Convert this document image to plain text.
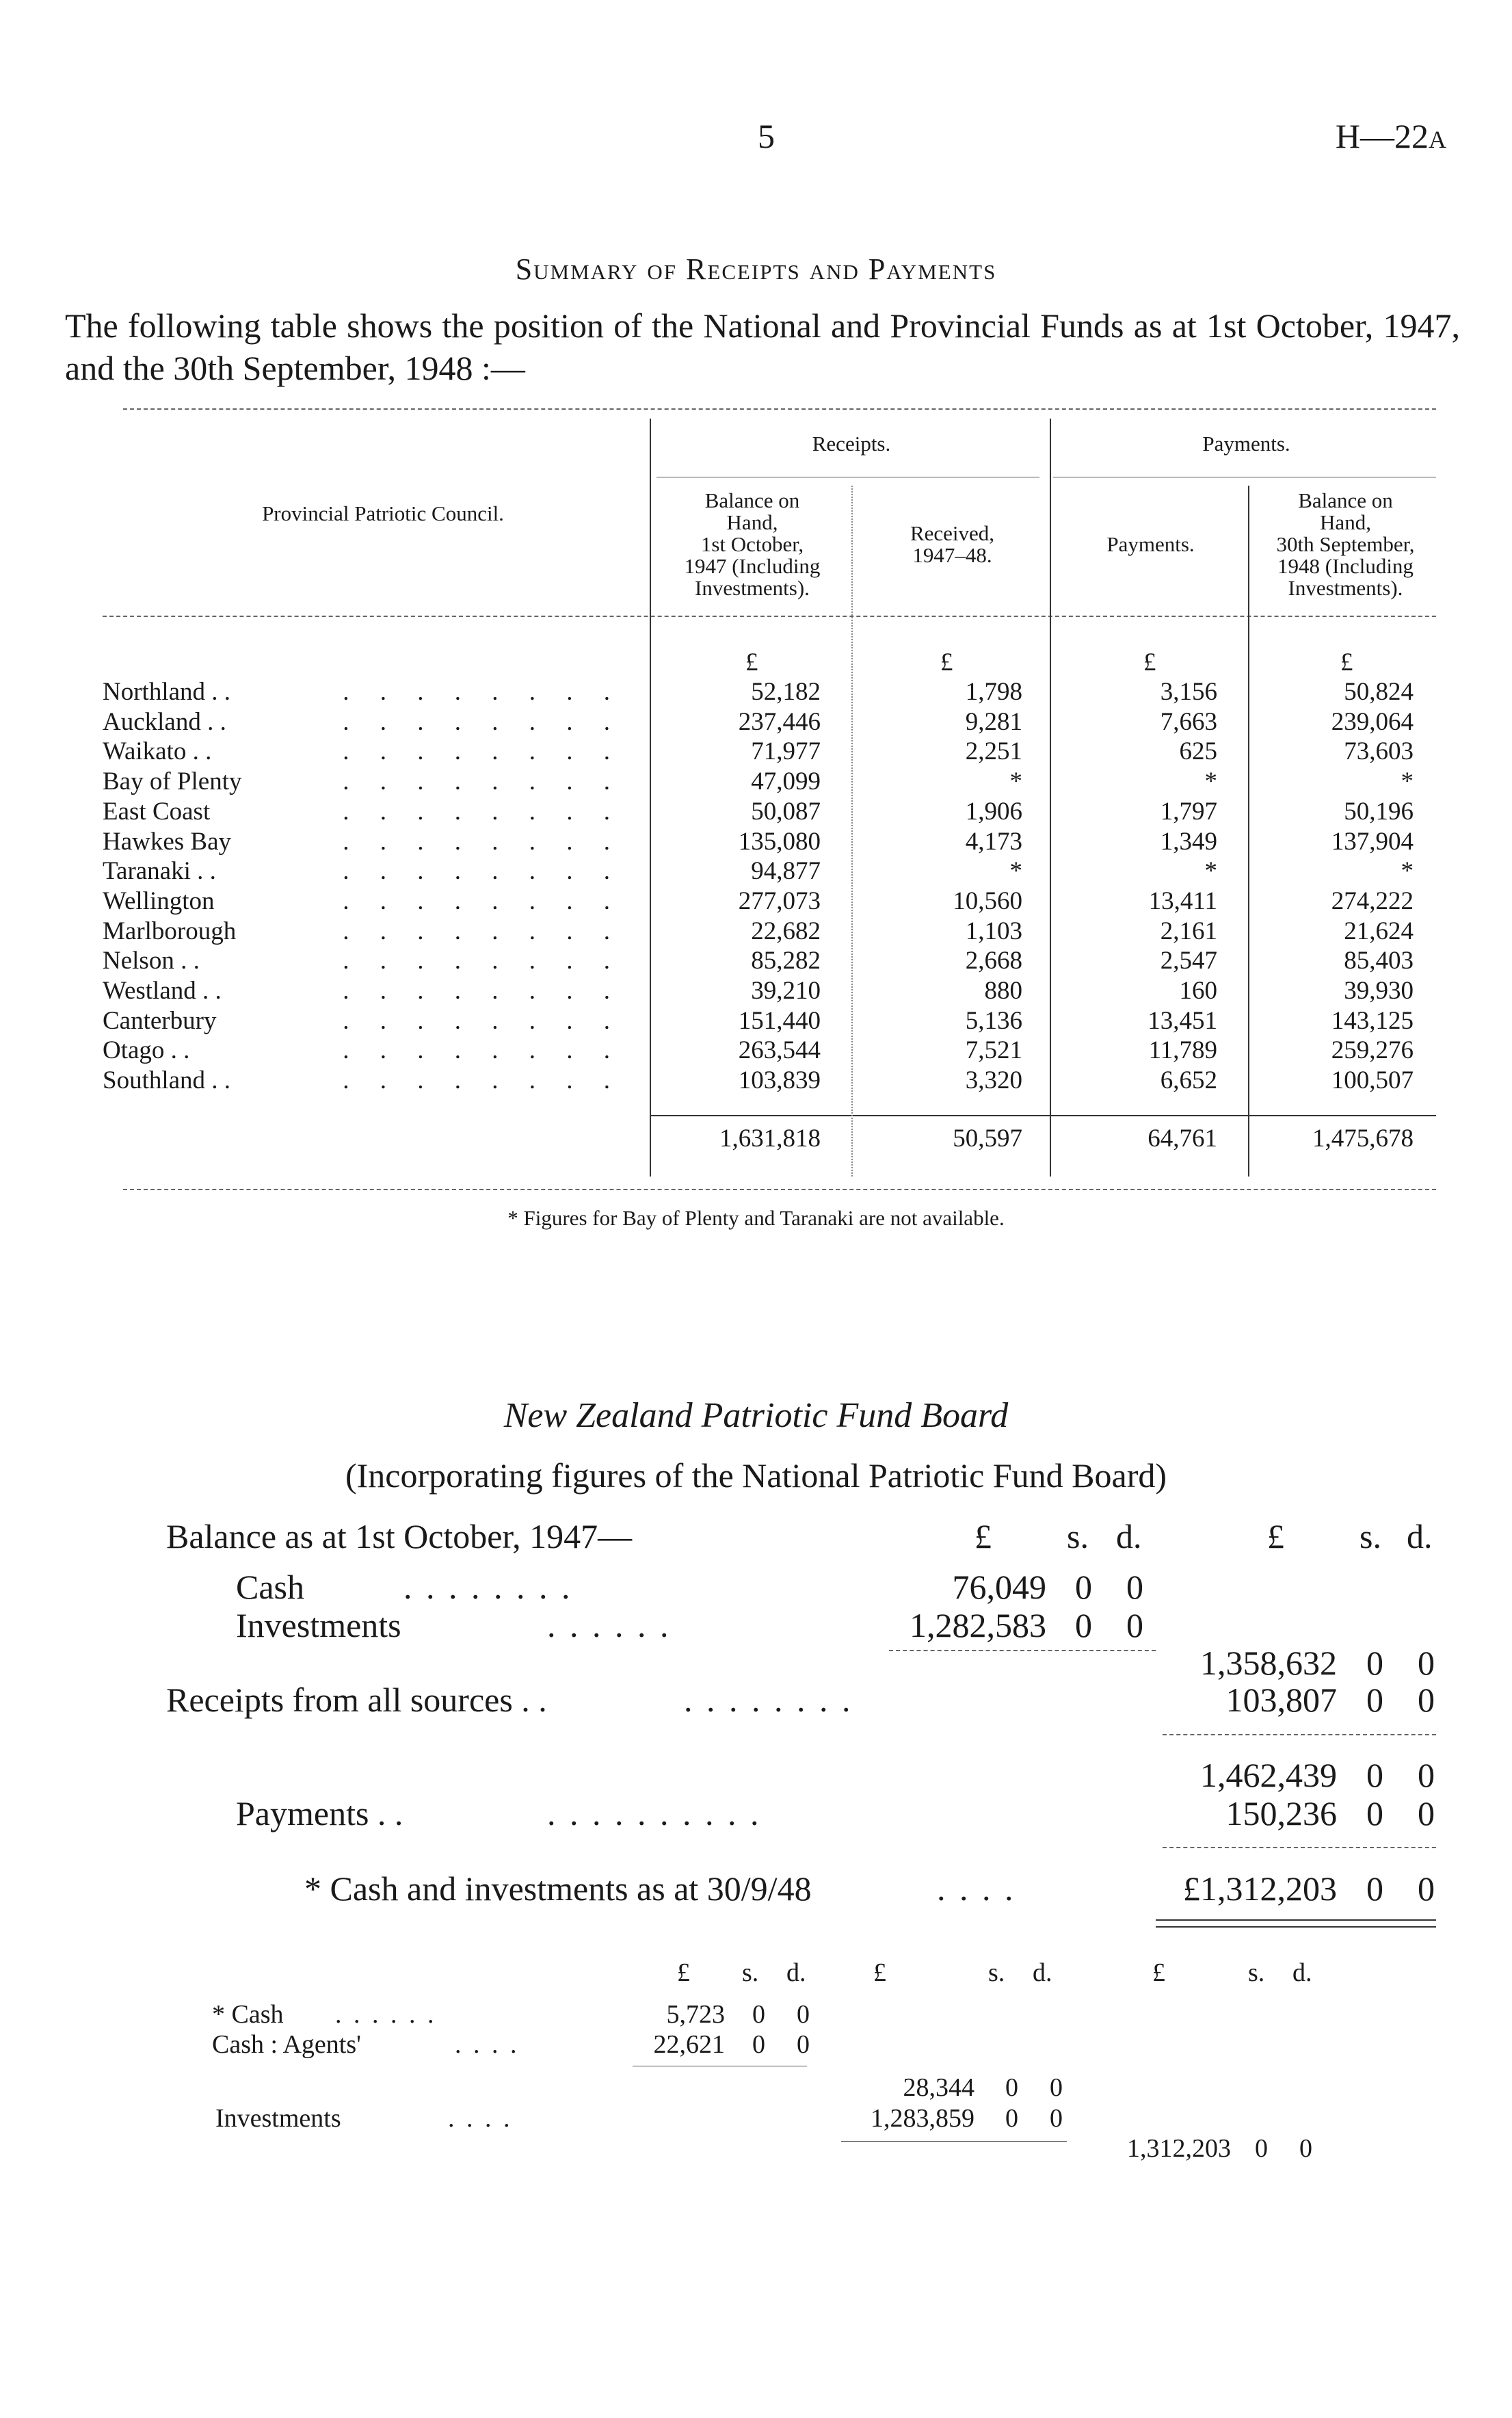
5	H—22A
Summary of Receipts and Payments
The following table shows the position of the National and Provincial Funds as at 1st October, 1947, and the 30th September, 1948 :—
Provincial Patriotic Council.
Receipts.	Payments.
Balance on
Hand,
1st October,
1947 (Including
Investments).
Received,
1947–48.	Payments.
Balance on
Hand,
30th September,
1948 (Including
Investments).
£	£	£	£
Northland . .	. . . . . . . .	52,182	1,798	3,156	50,824
Auckland . .	. . . . . . . .	237,446	9,281	7,663	239,064
Waikato . .	. . . . . . . .	71,977	2,251	625	73,603
Bay of Plenty	. . . . . . . .	47,099	*	*	*
East Coast	. . . . . . . .	50,087	1,906	1,797	50,196
Hawkes Bay	. . . . . . . .	135,080	4,173	1,349	137,904
Taranaki . .	. . . . . . . .	94,877	*	*	*
Wellington	. . . . . . . .	277,073	10,560	13,411	274,222
Marlborough	. . . . . . . .	22,682	1,103	2,161	21,624
Nelson . .	. . . . . . . .	85,282	2,668	2,547	85,403
Westland . .	. . . . . . . .	39,210	880	160	39,930
Canterbury	. . . . . . . .	151,440	5,136	13,451	143,125
Otago . .	. . . . . . . .	263,544	7,521	11,789	259,276
Southland . .	. . . . . . . .	103,839	3,320	6,652	100,507
1,631,818	50,597	64,761	1,475,678
* Figures for Bay of Plenty and Taranaki are not available.
New Zealand Patriotic Fund Board
(Incorporating figures of the National Patriotic Fund Board)
Balance as at 1st October, 1947—	£ s. d.	£ s. d.
Cash	. . . . . . . .	76,049 0 0
Investments	. . . . . .	1,282,583 0 0
1,358,632 0 0
Receipts from all sources . .	. . . . . . . .	103,807 0 0
1,462,439 0 0
Payments . .	. . . . . . . . . .	150,236 0 0
* Cash and investments as at 30/9/48	. . . .	£1,312,203 0 0
£ s. d.	£	s. d.	£	s. d.
* Cash . . . . . .	5,723 0 0
Cash : Agents'	. . . .	22,621 0 0
28,344 0 0
Investments	. . . .	1,283,859 0 0
1,312,203 0 0
